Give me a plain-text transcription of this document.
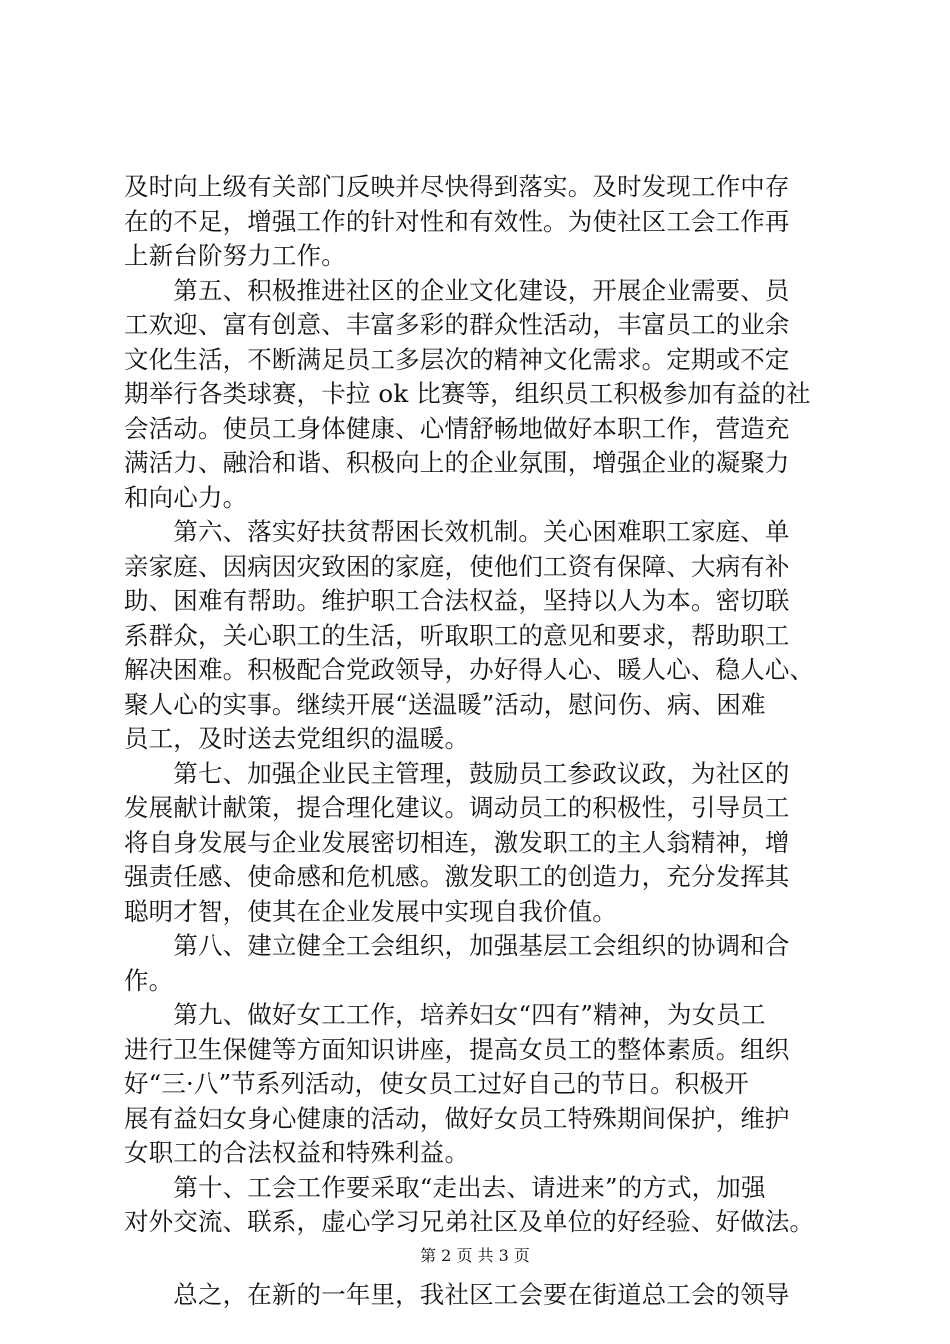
及时向上级有关部门反映并尽快得到落实。及时发现工作中存
在的不足，增强工作的针对性和有效性。为使社区工会工作再
上新台阶努力工作。
　　第五、积极推进社区的企业文化建设，开展企业需要、员
工欢迎、富有创意、丰富多彩的群众性活动，丰富员工的业余
文化生活，不断满足员工多层次的精神文化需求。定期或不定
期举行各类球赛，卡拉 ok 比赛等，组织员工积极参加有益的社
会活动。使员工身体健康、心情舒畅地做好本职工作，营造充
满活力、融洽和谐、积极向上的企业氛围，增强企业的凝聚力
和向心力。
　　第六、落实好扶贫帮困长效机制。关心困难职工家庭、单
亲家庭、因病因灾致困的家庭，使他们工资有保障、大病有补
助、困难有帮助。维护职工合法权益，坚持以人为本。密切联
系群众，关心职工的生活，听取职工的意见和要求，帮助职工
解决困难。积极配合党政领导，办好得人心、暖人心、稳人心、
聚人心的实事。继续开展“送温暖”活动，慰问伤、病、困难
员工，及时送去党组织的温暖。
　　第七、加强企业民主管理，鼓励员工参政议政，为社区的
发展献计献策，提合理化建议。调动员工的积极性，引导员工
将自身发展与企业发展密切相连，激发职工的主人翁精神，增
强责任感、使命感和危机感。激发职工的创造力，充分发挥其
聪明才智，使其在企业发展中实现自我价值。
　　第八、建立健全工会组织，加强基层工会组织的协调和合
作。
　　第九、做好女工工作，培养妇女“四有”精神，为女员工
进行卫生保健等方面知识讲座，提高女员工的整体素质。组织
好“三·八”节系列活动，使女员工过好自己的节日。积极开
展有益妇女身心健康的活动，做好女员工特殊期间保护，维护
女职工的合法权益和特殊利益。
　　第十、工会工作要采取“走出去、请进来”的方式，加强
对外交流、联系，虚心学习兄弟社区及单位的好经验、好做法。
　　总之，在新的一年里，我社区工会要在街道总工会的领导
第 2 页 共 3 页
